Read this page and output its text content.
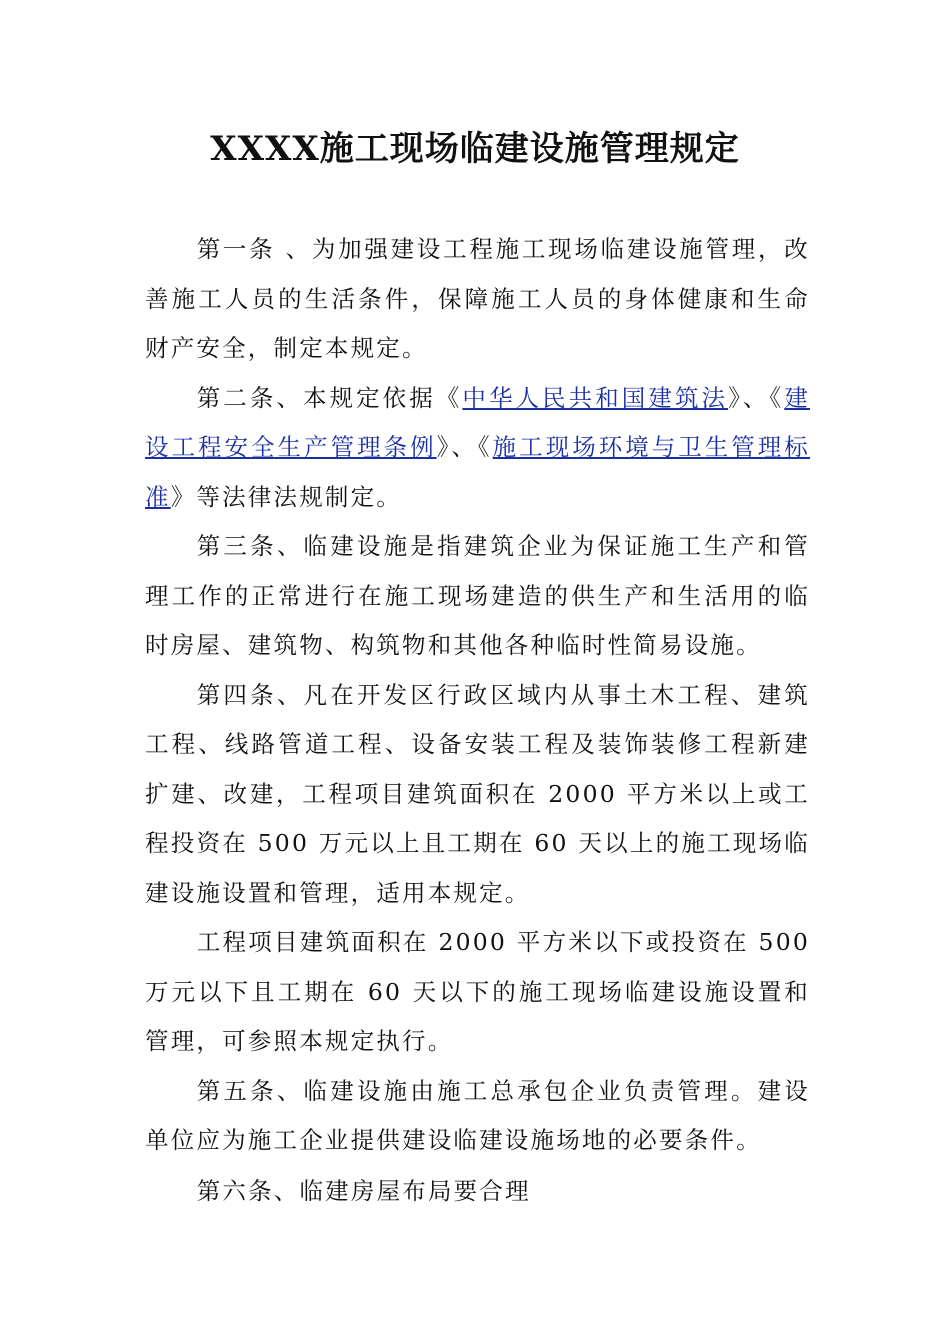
XXXX施工现场临建设施管理规定

第一条 、为加强建设工程施工现场临建设施管理，改善施工人员的生活条件，保障施工人员的身体健康和生命财产安全，制定本规定。

第二条、本规定依据《中华人民共和国建筑法》、《建设工程安全生产管理条例》、《施工现场环境与卫生管理标准》等法律法规制定。

第三条、临建设施是指建筑企业为保证施工生产和管理工作的正常进行在施工现场建造的供生产和生活用的临时房屋、建筑物、构筑物和其他各种临时性简易设施。

第四条、凡在开发区行政区域内从事土木工程、建筑工程、线路管道工程、设备安装工程及装饰装修工程新建扩建、改建，工程项目建筑面积在 2000 平方米以上或工程投资在 500 万元以上且工期在 60 天以上的施工现场临建设施设置和管理，适用本规定。

工程项目建筑面积在 2000 平方米以下或投资在 500 万元以下且工期在 60 天以下的施工现场临建设施设置和管理，可参照本规定执行。

第五条、临建设施由施工总承包企业负责管理。建设单位应为施工企业提供建设临建设施场地的必要条件。

第六条、临建房屋布局要合理
